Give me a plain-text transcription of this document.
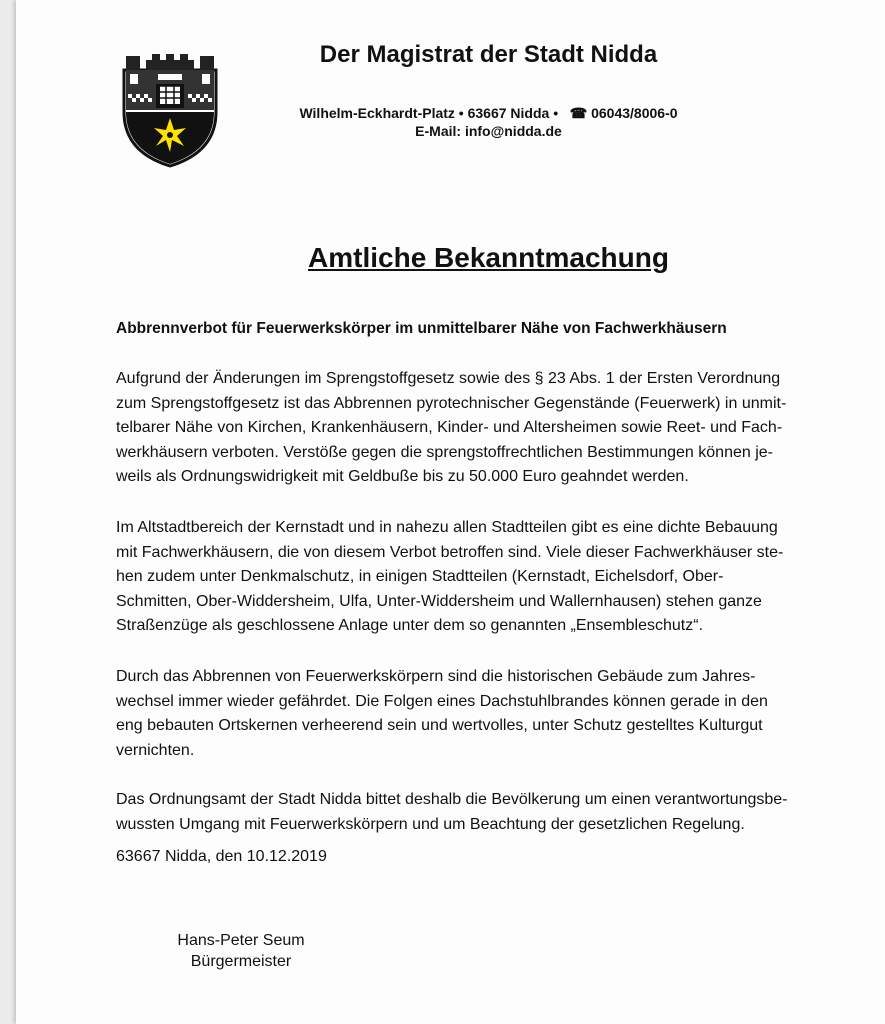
Der Magistrat der Stadt Nidda
Wilhelm-Eckhardt-Platz • 63667 Nidda • ☎ 06043/8006-0
E-Mail: info@nidda.de
Amtliche Bekanntmachung

Abbrennverbot für Feuerwerkskörper im unmittelbarer Nähe von Fachwerkhäusern

Aufgrund der Änderungen im Sprengstoffgesetz sowie des § 23 Abs. 1 der Ersten Verordnung
zum Sprengstoffgesetz ist das Abbrennen pyrotechnischer Gegenstände (Feuerwerk) in unmit-
telbarer Nähe von Kirchen, Krankenhäusern, Kinder- und Altersheimen sowie Reet- und Fach-
werkhäusern verboten. Verstöße gegen die sprengstoffrechtlichen Bestimmungen können je-
weils als Ordnungswidrigkeit mit Geldbuße bis zu 50.000 Euro geahndet werden.

Im Altstadtbereich der Kernstadt und in nahezu allen Stadtteilen gibt es eine dichte Bebauung
mit Fachwerkhäusern, die von diesem Verbot betroffen sind. Viele dieser Fachwerkhäuser ste-
hen zudem unter Denkmalschutz, in einigen Stadtteilen (Kernstadt, Eichelsdorf, Ober-
Schmitten, Ober-Widdersheim, Ulfa, Unter-Widdersheim und Wallernhausen) stehen ganze
Straßenzüge als geschlossene Anlage unter dem so genannten „Ensembleschutz“.

Durch das Abbrennen von Feuerwerkskörpern sind die historischen Gebäude zum Jahres-
wechsel immer wieder gefährdet. Die Folgen eines Dachstuhlbrandes können gerade in den
eng bebauten Ortskernen verheerend sein und wertvolles, unter Schutz gestelltes Kulturgut
vernichten.

Das Ordnungsamt der Stadt Nidda bittet deshalb die Bevölkerung um einen verantwortungsbe-
wussten Umgang mit Feuerwerkskörpern und um Beachtung der gesetzlichen Regelung.

63667 Nidda, den 10.12.2019
Hans-Peter Seum
Bürgermeister
